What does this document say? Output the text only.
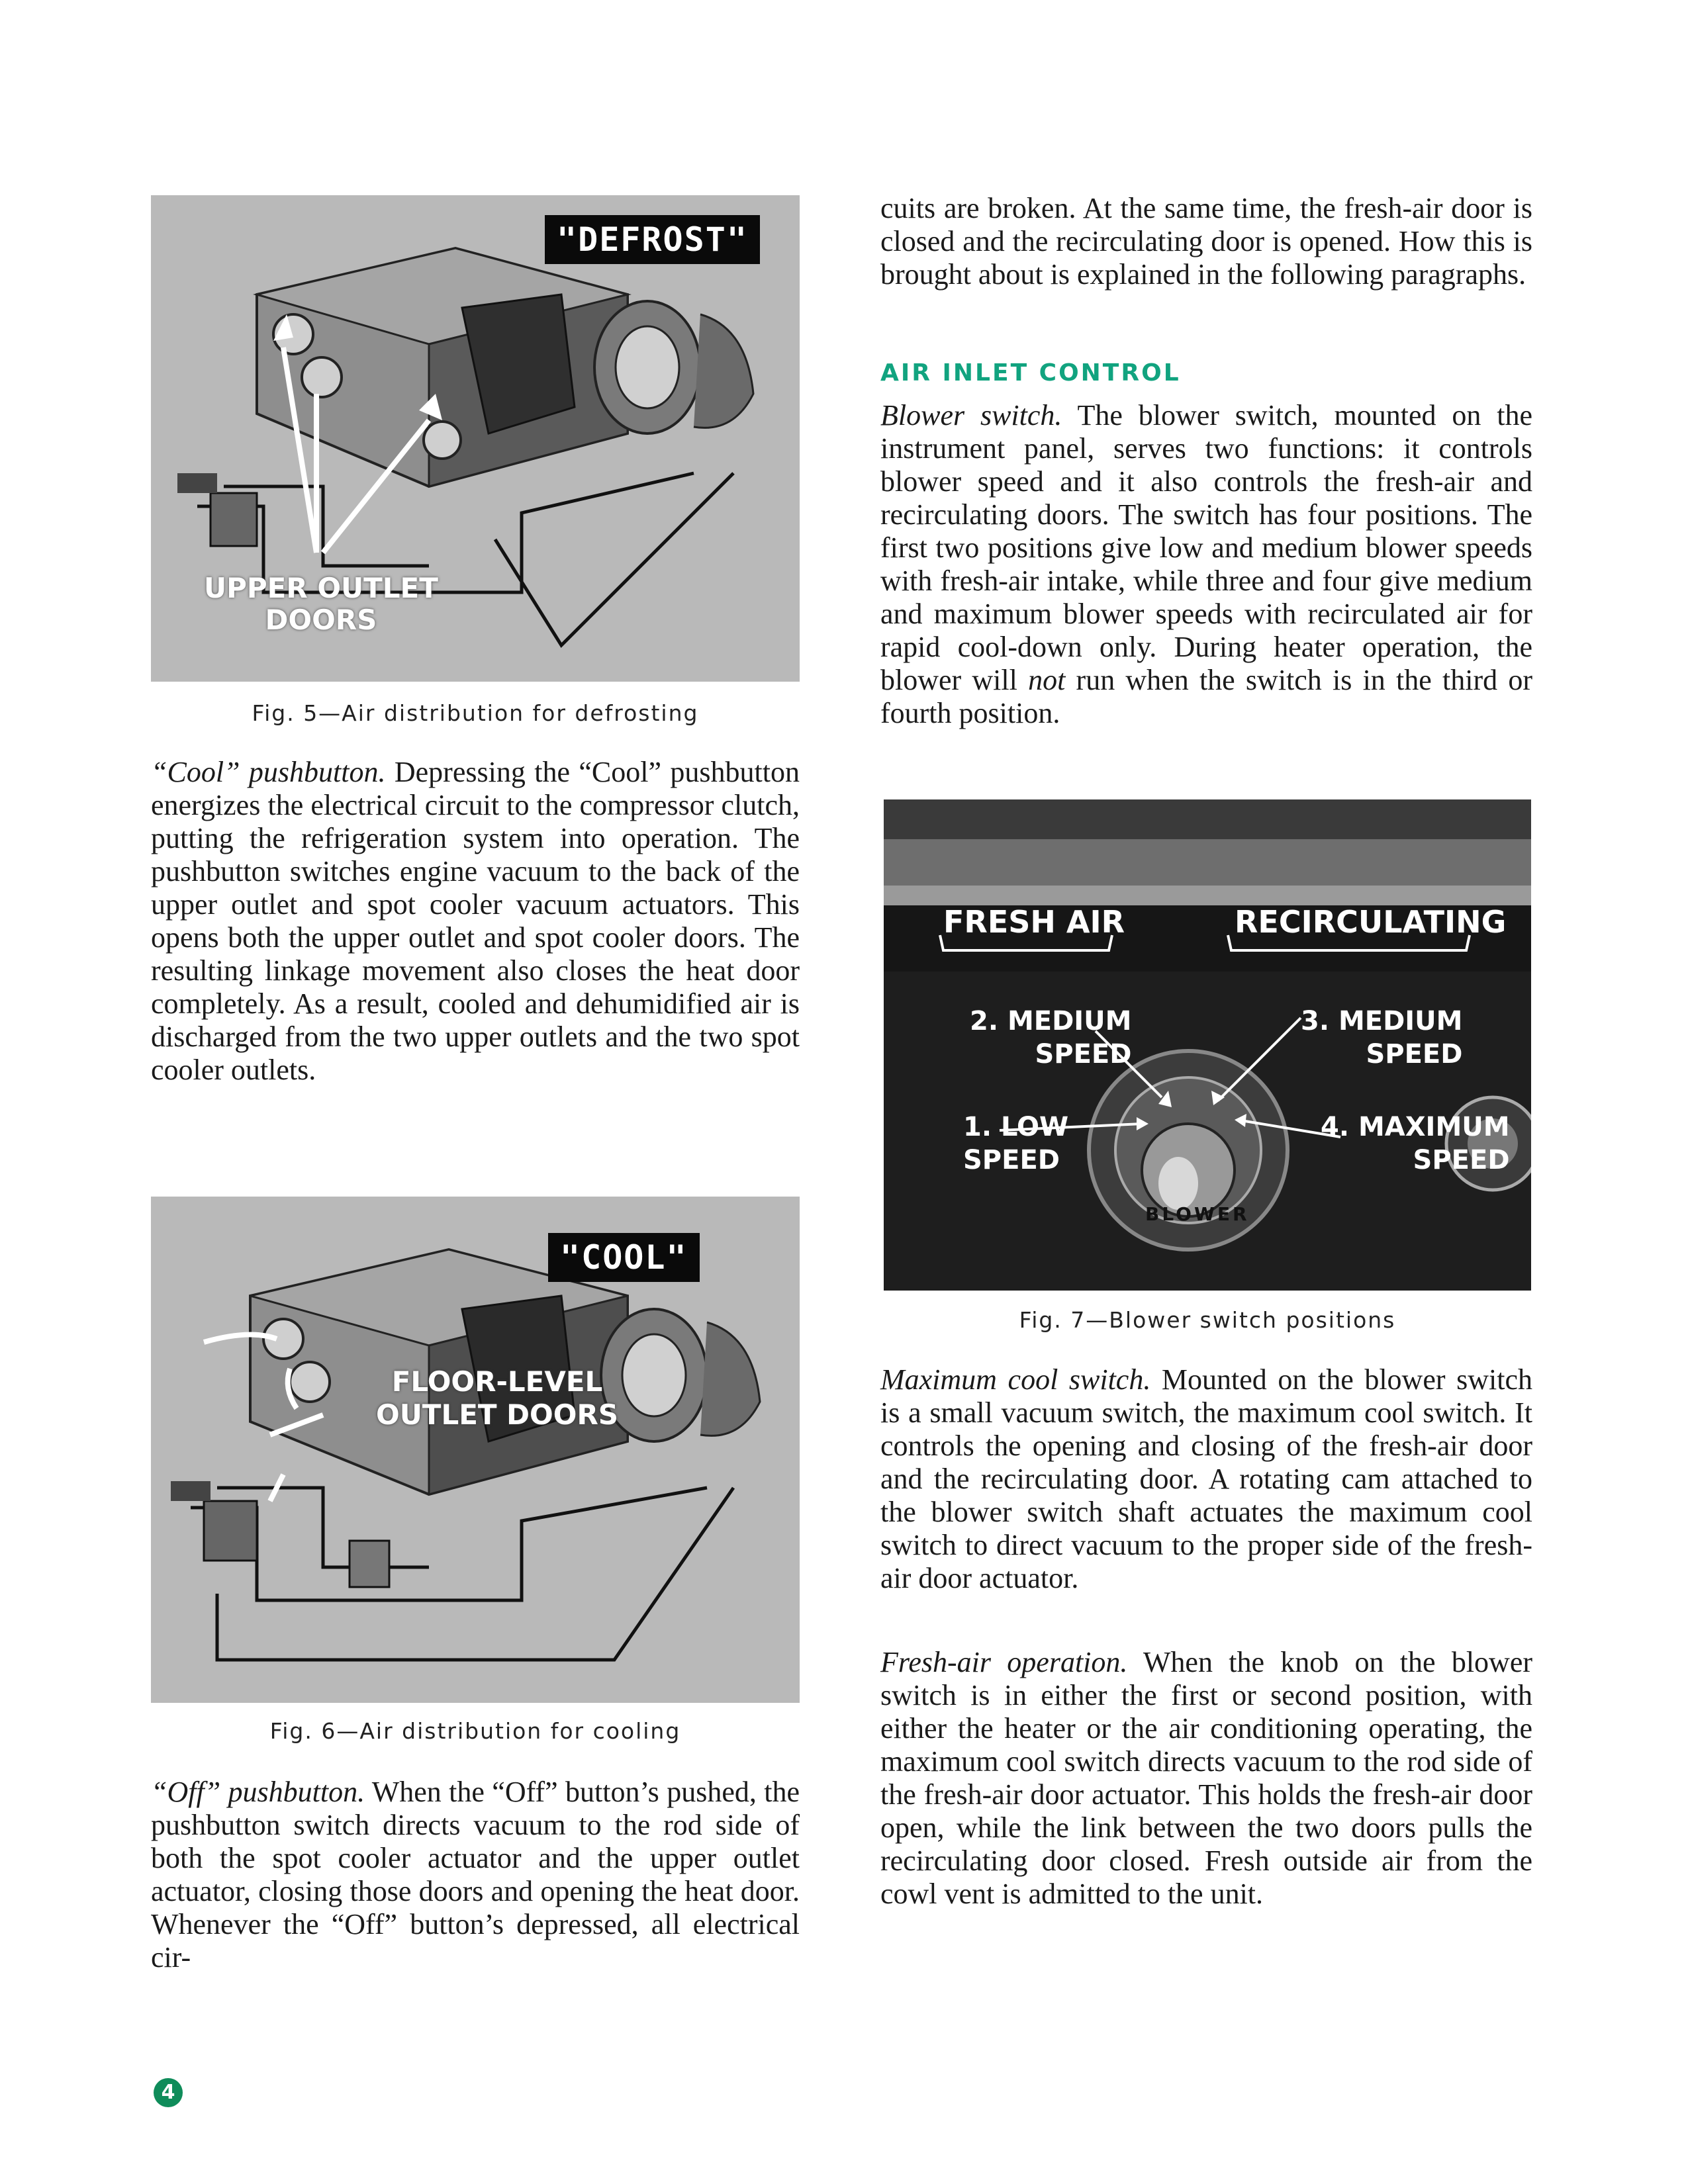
"DEFROST"
UPPER OUTLET
DOORS
Fig. 5—Air distribution for defrosting

“Cool” pushbutton. Depressing the “Cool” pushbutton energizes the electrical circuit to the compressor clutch, putting the refrigeration system into operation. The pushbutton switches engine vacuum to the back of the upper outlet and spot cooler vacuum actuators. This opens both the upper outlet and spot cooler doors. The resulting linkage movement also closes the heat door completely. As a result, cooled and dehumidified air is discharged from the two upper outlets and the two spot cooler outlets.

"COOL"
FLOOR-LEVEL
OUTLET DOORS
Fig. 6—Air distribution for cooling

“Off” pushbutton. When the “Off” button’s pushed, the pushbutton switch directs vacuum to the rod side of both the spot cooler actuator and the upper outlet actuator, closing those doors and opening the heat door. Whenever the “Off” button’s depressed, all electrical cir-

cuits are broken. At the same time, the fresh-air door is closed and the recirculating door is opened. How this is brought about is explained in the following paragraphs.

AIR INLET CONTROL

Blower switch. The blower switch, mounted on the instrument panel, serves two functions: it controls blower speed and it also controls the fresh-air and recirculating doors. The switch has four positions. The first two positions give low and medium blower speeds with fresh-air intake, while three and four give medium and maximum blower speeds with recirculated air for rapid cool-down only. During heater operation, the blower will not run when the switch is in the third or fourth position.

FRESH AIR	RECIRCULATING
2. MEDIUM
SPEED
3. MEDIUM
SPEED
1. LOW
SPEED
4. MAXIMUM
SPEED
BLOWER
Fig. 7—Blower switch positions

Maximum cool switch. Mounted on the blower switch is a small vacuum switch, the maximum cool switch. It controls the opening and closing of the fresh-air door and the recirculating door. A rotating cam attached to the blower switch shaft actuates the maximum cool switch to direct vacuum to the proper side of the fresh-air door actuator.

Fresh-air operation. When the knob on the blower switch is in either the first or second position, with either the heater or the air conditioning operating, the maximum cool switch directs vacuum to the rod side of the fresh-air door actuator. This holds the fresh-air door open, while the link between the two doors pulls the recirculating door closed. Fresh outside air from the cowl vent is admitted to the unit.

4
